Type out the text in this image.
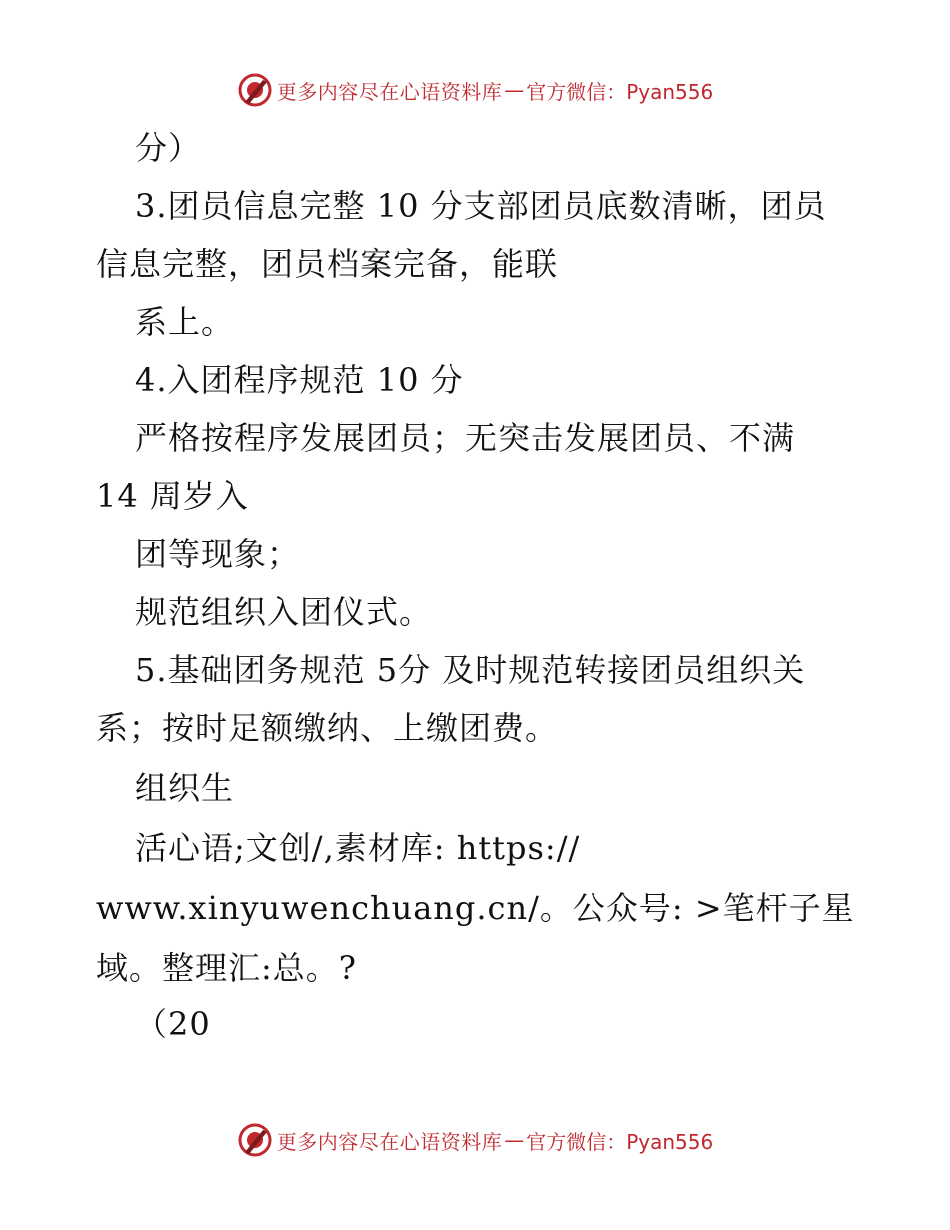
更多内容尽在心语资料库 — 官方微信：Pyan556
分）
3.团员信息完整 10 分支部团员底数清晰，团员
信息完整，团员档案完备，能联
系上。
4.入团程序规范 10 分
严格按程序发展团员；无突击发展团员、不满
14 周岁入
团等现象；
规范组织入团仪式。
5.基础团务规范 5分 及时规范转接团员组织关
系；按时足额缴纳、上缴团费。
组织生
活心语;文创/,素材库: https://
www.xinyuwenchuang.cn/。公众号: >笔杆子星
域。整理汇:总。?
（20
更多内容尽在心语资料库 — 官方微信：Pyan556
